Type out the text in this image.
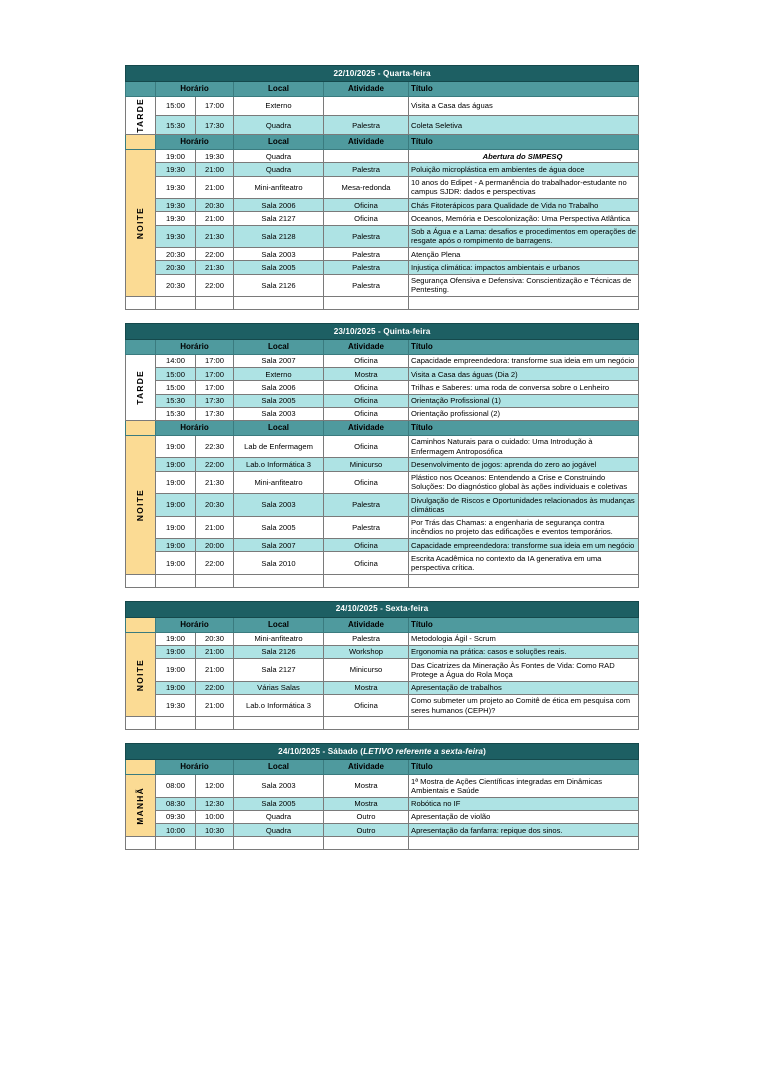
22/10/2025 - Quarta-feira					
	Horário		Local	Atividade	Título

TARDE	15:00	17:00	Externo		Visita a Casa das águas
	15:30	17:30	Quadra	Palestra	Coleta Seletiva
	Horário		Local	Atividade	Título

NOITE	19:00	19:30	Quadra		Abertura do SIMPESQ
	19:30	21:00	Quadra	Palestra	Poluição microplástica em ambientes de água doce
	19:30	21:00	Mini-anfiteatro	Mesa-redonda	10 anos do Edipet - A permanência do trabalhador-estudante no campus SJDR: dados e perspectivas
	19:30	20:30	Sala 2006	Oficina	Chás Fitoterápicos para Qualidade de Vida no Trabalho
	19:30	21:00	Sala 2127	Oficina	Oceanos, Memória e Descolonização: Uma Perspectiva Atlântica
	19:30	21:30	Sala 2128	Palestra	Sob a Água e a Lama: desafios e procedimentos em operações de resgate após o rompimento de barragens.
	20:30	22:00	Sala 2003	Palestra	Atenção Plena
	20:30	21:30	Sala 2005	Palestra	Injustiça climática: impactos ambientais e urbanos
	20:30	22:00	Sala 2126	Palestra	Segurança Ofensiva e Defensiva: Conscientização e Técnicas de Pentesting.

23/10/2025 - Quinta-feira					
	Horário		Local	Atividade	Título

TARDE	14:00	17:00	Sala 2007	Oficina	Capacidade empreendedora: transforme sua ideia em um negócio
	15:00	17:00	Externo	Mostra	Visita a Casa das águas (Dia 2)
	15:00	17:00	Sala 2006	Oficina	Trilhas e Saberes: uma roda de conversa sobre o Lenheiro
	15:30	17:30	Sala 2005	Oficina	Orientação Profissional (1)
	15:30	17:30	Sala 2003	Oficina	Orientação profissional (2)
	Horário		Local	Atividade	Título

NOITE	19:00	22:30	Lab de Enfermagem	Oficina	Caminhos Naturais para o cuidado: Uma Introdução à Enfermagem Antroposófica
	19:00	22:00	Lab.o Informática 3	Minicurso	Desenvolvimento de jogos: aprenda do zero ao jogável
	19:00	21:30	Mini-anfiteatro	Oficina	Plástico nos Oceanos: Entendendo a Crise e Construindo Soluções: Do diagnóstico global às ações individuais e coletivas
	19:00	20:30	Sala 2003	Palestra	Divulgação de Riscos e Oportunidades relacionados às mudanças climáticas
	19:00	21:00	Sala 2005	Palestra	Por Trás das Chamas: a engenharia de segurança contra incêndios no projeto das edificações e eventos temporários.
	19:00	20:00	Sala 2007	Oficina	Capacidade empreendedora: transforme sua ideia em um negócio
	19:00	22:00	Sala 2010	Oficina	Escrita Acadêmica no contexto da IA generativa em uma perspectiva crítica.

24/10/2025 - Sexta-feira					
	Horário		Local	Atividade	Título

NOITE	19:00	20:30	Mini-anfiteatro	Palestra	Metodologia Ágil - Scrum
	19:00	21:00	Sala 2126	Workshop	Ergonomia na prática: casos e soluções reais.
	19:00	21:00	Sala 2127	Minicurso	Das Cicatrizes da Mineração Às Fontes de Vida: Como RAD Protege a Água do Rola Moça
	19:00	22:00	Várias Salas	Mostra	Apresentação de trabalhos
	19:30	21:00	Lab.o Informática 3	Oficina	Como submeter um projeto ao Comitê de ética em pesquisa com seres humanos (CEPH)?

24/10/2025 - Sábado (LETIVO referente a sexta-feira)					
	Horário		Local	Atividade	Título

MANHÃ	08:00	12:00	Sala 2003	Mostra	1ª Mostra de Ações Científicas integradas em Dinâmicas Ambientais e Saúde
	08:30	12:30	Sala 2005	Mostra	Robótica no IF
	09:30	10:00	Quadra	Outro	Apresentação de violão
	10:00	10:30	Quadra	Outro	Apresentação da fanfarra: repique dos sinos.
